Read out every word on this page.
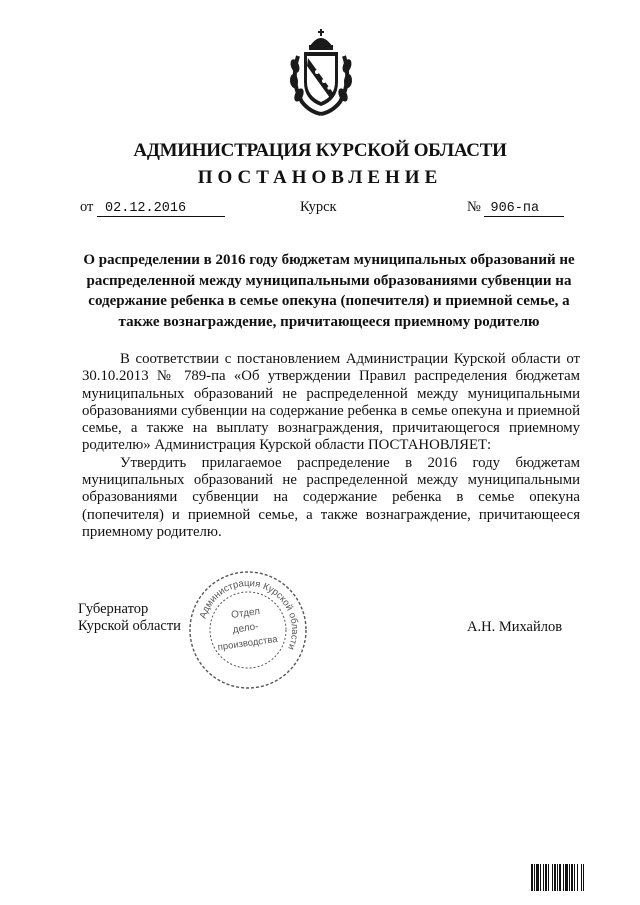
АДМИНИСТРАЦИЯ КУРСКОЙ ОБЛАСТИ
ПОСТАНОВЛЕНИЕ
от 02.12.2016	Курск	№ 906-па
О распределении в 2016 году бюджетам муниципальных образований не распределенной между муниципальными образованиями субвенции на содержание ребенка в семье опекуна (попечителя) и приемной семье, а также вознаграждение, причитающееся приемному родителю

В соответствии с постановлением Администрации Курской области от 30.10.2013 № 789-па «Об утверждении Правил распределения бюджетам муниципальных образований не распределенной между муниципальными образованиями субвенции на содержание ребенка в семье опекуна и приемной семье, а также на выплату вознаграждения, причитающегося приемному родителю» Администрация Курской области ПОСТАНОВЛЯЕТ:

Утвердить прилагаемое распределение в 2016 году бюджетам муниципальных образований не распределенной между муниципальными образованиями субвенции на содержание ребенка в семье опекуна (попечителя) и приемной семье, а также вознаграждение, причитающееся приемному родителю.

Губернатор
Курской области	А.Н. Михайлов
Администрация Курской области
Отдел
дело-
производства
